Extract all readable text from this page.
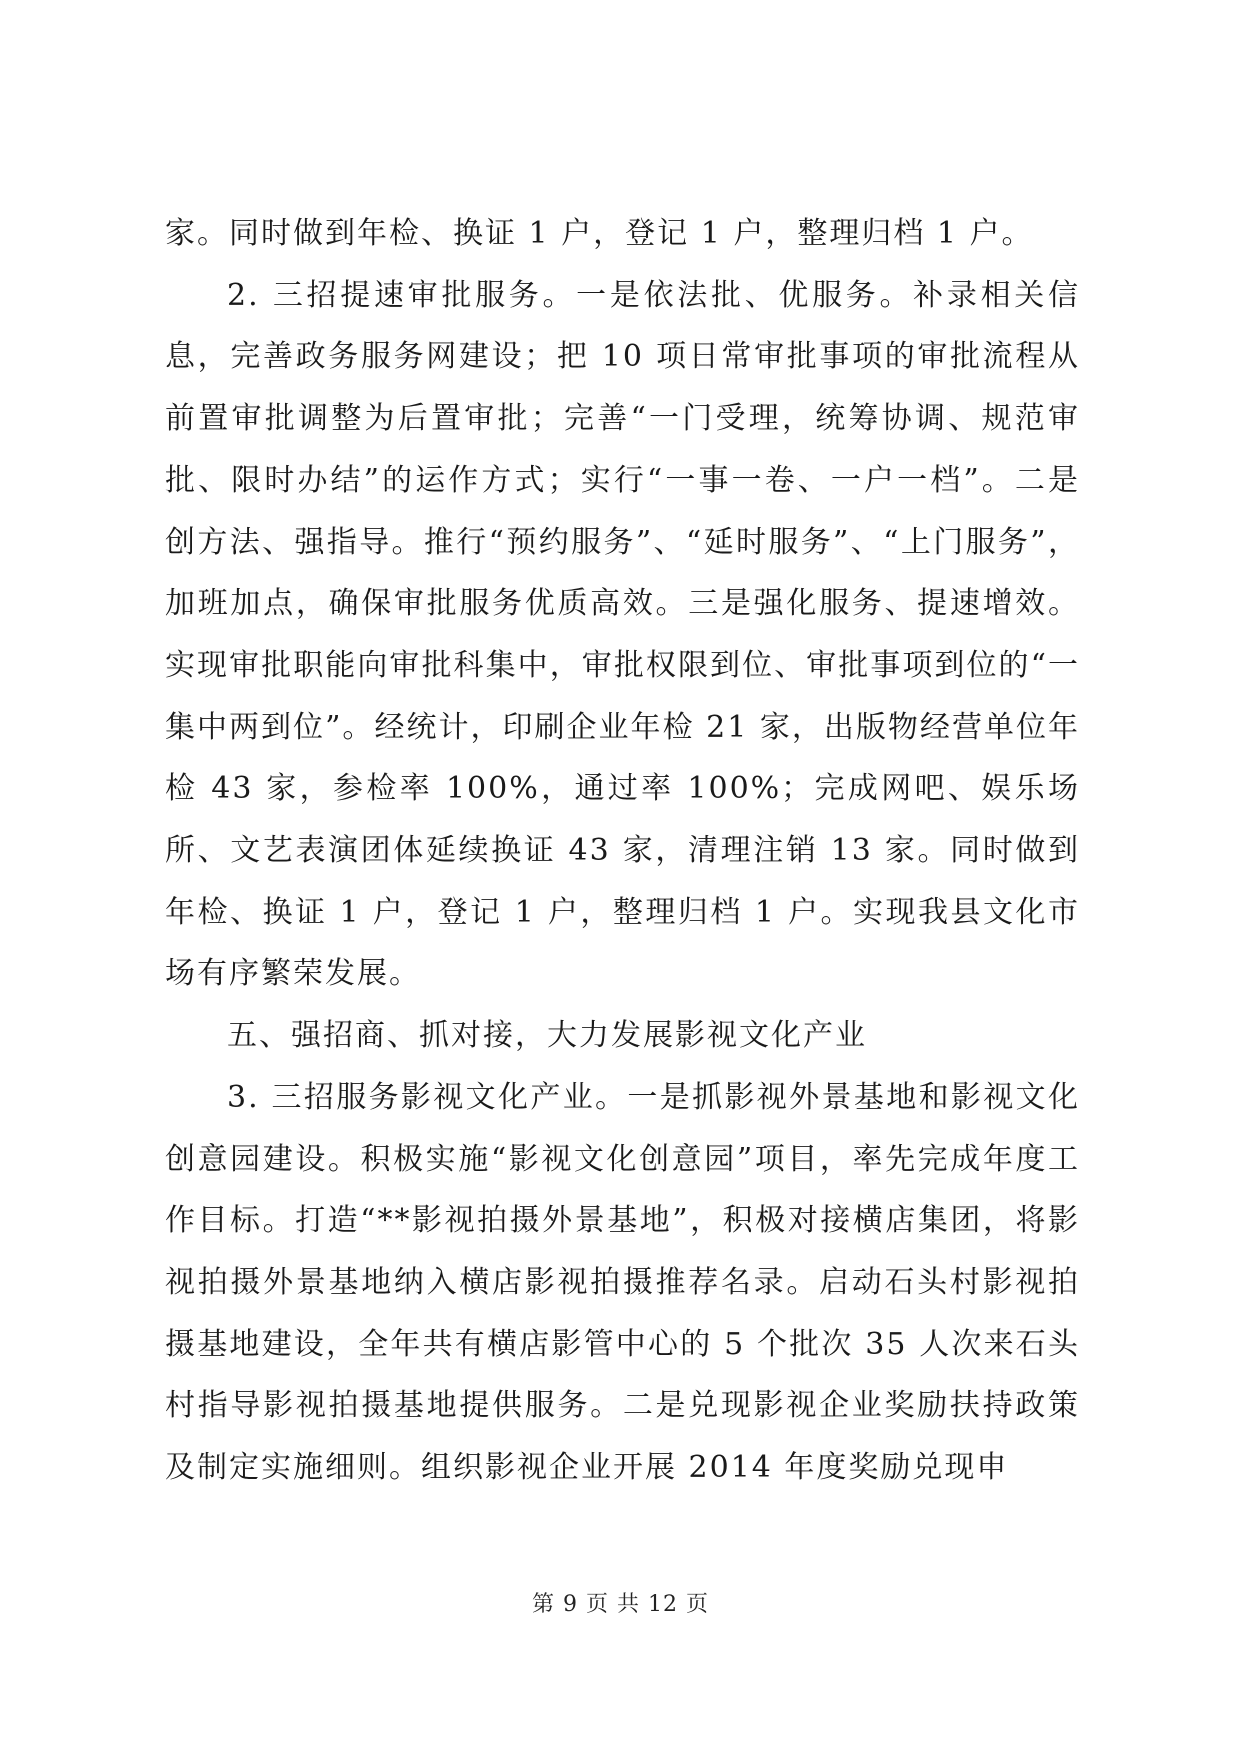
家。同时做到年检、换证 1 户，登记 1 户，整理归档 1 户。

2. 三招提速审批服务。一是依法批、优服务。补录相关信息，完善政务服务网建设；把 10 项日常审批事项的审批流程从前置审批调整为后置审批；完善“一门受理，统筹协调、规范审批、限时办结”的运作方式；实行“一事一卷、一户一档”。二是创方法、强指导。推行“预约服务”、“延时服务”、“上门服务”，加班加点，确保审批服务优质高效。三是强化服务、提速增效。实现审批职能向审批科集中，审批权限到位、审批事项到位的“一集中两到位”。经统计，印刷企业年检 21 家，出版物经营单位年检 43 家，参检率 100%，通过率 100%；完成网吧、娱乐场所、文艺表演团体延续换证 43 家，清理注销 13 家。同时做到年检、换证 1 户，登记 1 户，整理归档 1 户。实现我县文化市场有序繁荣发展。

五、强招商、抓对接，大力发展影视文化产业

3. 三招服务影视文化产业。一是抓影视外景基地和影视文化创意园建设。积极实施“影视文化创意园”项目，率先完成年度工作目标。打造“**影视拍摄外景基地”，积极对接横店集团，将影视拍摄外景基地纳入横店影视拍摄推荐名录。启动石头村影视拍摄基地建设，全年共有横店影管中心的 5 个批次 35 人次来石头村指导影视拍摄基地提供服务。二是兑现影视企业奖励扶持政策及制定实施细则。组织影视企业开展 2014 年度奖励兑现申

第 9 页 共 12 页
